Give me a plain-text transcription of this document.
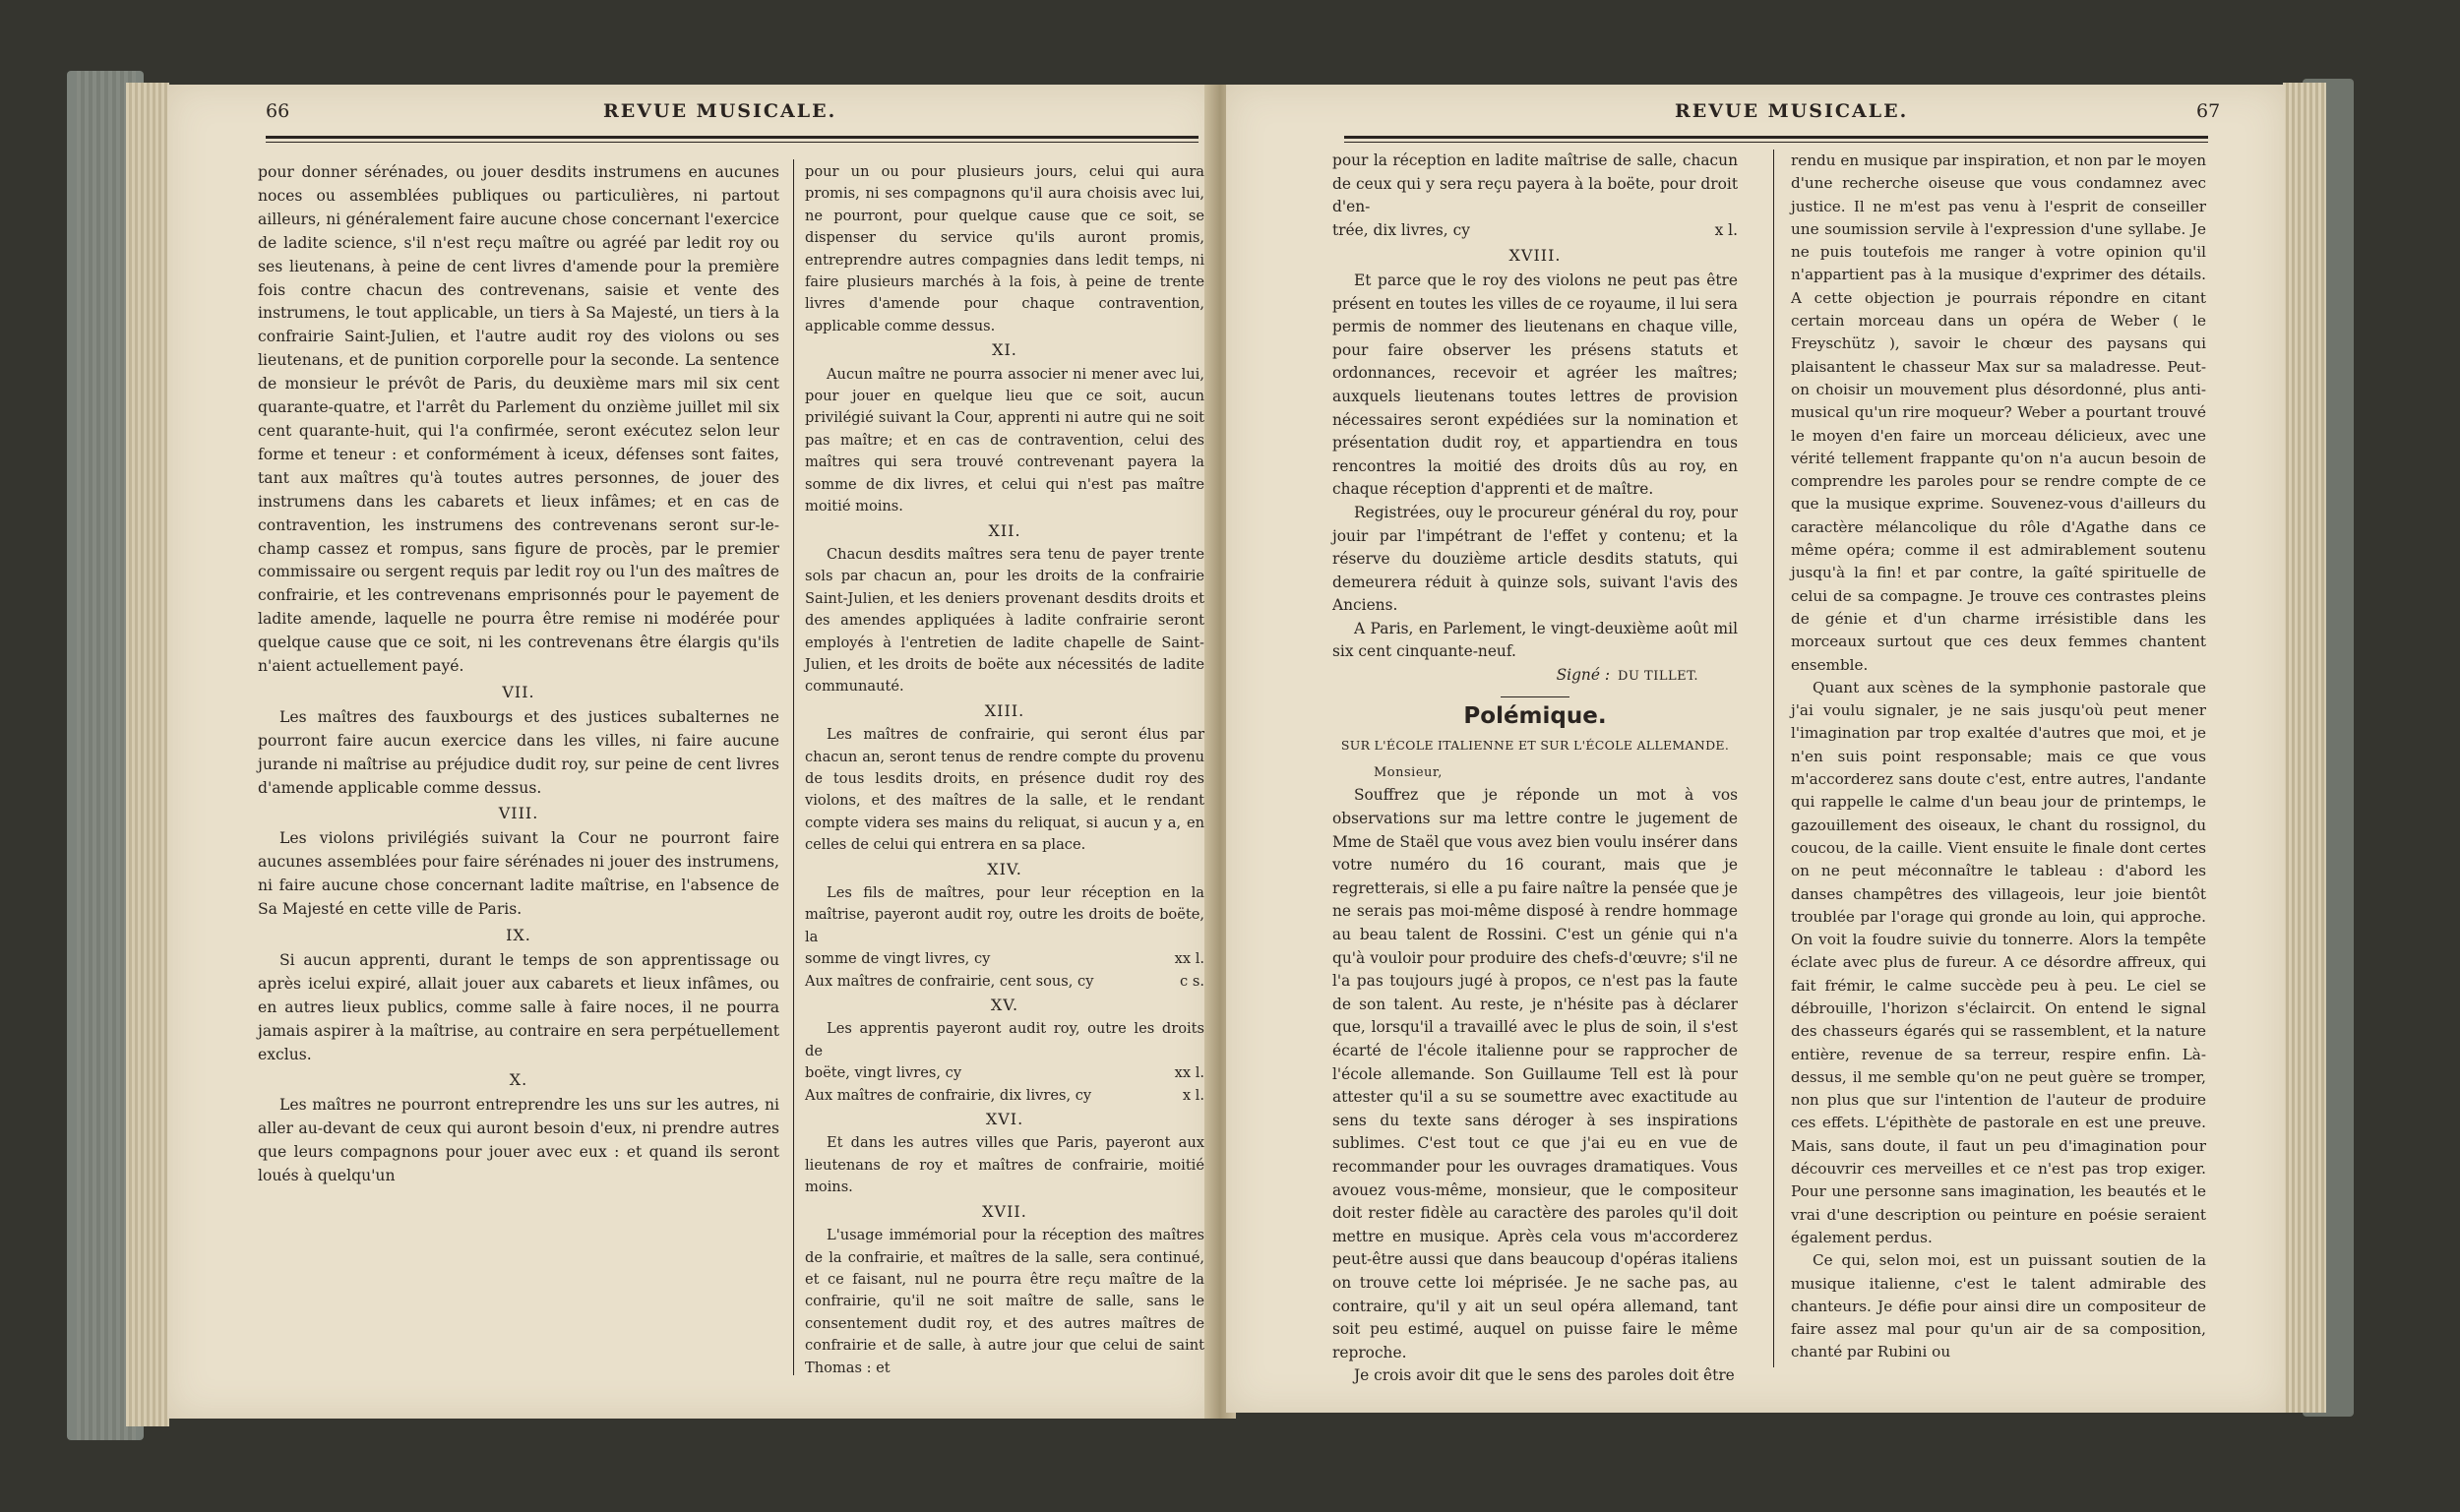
66	REVUE MUSICALE.

pour donner sérénades, ou jouer desdits instrumens en aucunes noces ou assemblées publiques ou particulières, ni partout ailleurs, ni généralement faire aucune chose concernant l'exercice de ladite science, s'il n'est reçu maître ou agréé par ledit roy ou ses lieutenans, à peine de cent livres d'amende pour la première fois contre chacun des contrevenans, saisie et vente des instrumens, le tout applicable, un tiers à Sa Majesté, un tiers à la confrairie Saint-Julien, et l'autre audit roy des violons ou ses lieutenans, et de punition corporelle pour la seconde. La sentence de monsieur le prévôt de Paris, du deuxième mars mil six cent quarante-quatre, et l'arrêt du Parlement du onzième juillet mil six cent quarante-huit, qui l'a confirmée, seront exécutez selon leur forme et teneur : et conformément à iceux, défenses sont faites, tant aux maîtres qu'à toutes autres personnes, de jouer des instrumens dans les cabarets et lieux infâmes; et en cas de contravention, les instrumens des contrevenans seront sur-le-champ cassez et rompus, sans figure de procès, par le premier commissaire ou sergent requis par ledit roy ou l'un des maîtres de confrairie, et les contrevenans emprisonnés pour le payement de ladite amende, laquelle ne pourra être remise ni modérée pour quelque cause que ce soit, ni les contrevenans être élargis qu'ils n'aient actuellement payé.

VII.

Les maîtres des fauxbourgs et des justices subalternes ne pourront faire aucun exercice dans les villes, ni faire aucune jurande ni maîtrise au préjudice dudit roy, sur peine de cent livres d'amende applicable comme dessus.

VIII.

Les violons privilégiés suivant la Cour ne pourront faire aucunes assemblées pour faire sérénades ni jouer des instrumens, ni faire aucune chose concernant ladite maîtrise, en l'absence de Sa Majesté en cette ville de Paris.

IX.

Si aucun apprenti, durant le temps de son apprentissage ou après icelui expiré, allait jouer aux cabarets et lieux infâmes, ou en autres lieux publics, comme salle à faire noces, il ne pourra jamais aspirer à la maîtrise, au contraire en sera perpétuellement exclus.

X.

Les maîtres ne pourront entreprendre les uns sur les autres, ni aller au-devant de ceux qui auront besoin d'eux, ni prendre autres que leurs compagnons pour jouer avec eux : et quand ils seront loués à quelqu'un

pour un ou pour plusieurs jours, celui qui aura promis, ni ses compagnons qu'il aura choisis avec lui, ne pourront, pour quelque cause que ce soit, se dispenser du service qu'ils auront promis, entreprendre autres compagnies dans ledit temps, ni faire plusieurs marchés à la fois, à peine de trente livres d'amende pour chaque contravention, applicable comme dessus.

XI.

Aucun maître ne pourra associer ni mener avec lui, pour jouer en quelque lieu que ce soit, aucun privilégié suivant la Cour, apprenti ni autre qui ne soit pas maître; et en cas de contravention, celui des maîtres qui sera trouvé contrevenant payera la somme de dix livres, et celui qui n'est pas maître moitié moins.

XII.

Chacun desdits maîtres sera tenu de payer trente sols par chacun an, pour les droits de la confrairie Saint-Julien, et les deniers provenant desdits droits et des amendes appliquées à ladite confrairie seront employés à l'entretien de ladite chapelle de Saint-Julien, et les droits de boëte aux nécessités de ladite communauté.

XIII.

Les maîtres de confrairie, qui seront élus par chacun an, seront tenus de rendre compte du provenu de tous lesdits droits, en présence dudit roy des violons, et des maîtres de la salle, et le rendant compte videra ses mains du reliquat, si aucun y a, en celles de celui qui entrera en sa place.

XIV.

Les fils de maîtres, pour leur réception en la maîtrise, payeront audit roy, outre les droits de boëte, la

somme de vingt livres, cy	xx l.
Aux maîtres de confrairie, cent sous, cy	c s.

XV.

Les apprentis payeront audit roy, outre les droits de

boëte, vingt livres, cy	xx l.
Aux maîtres de confrairie, dix livres, cy	x l.

XVI.

Et dans les autres villes que Paris, payeront aux lieutenans de roy et maîtres de confrairie, moitié moins.

XVII.

L'usage immémorial pour la réception des maîtres de la confrairie, et maîtres de la salle, sera continué, et ce faisant, nul ne pourra être reçu maître de la confrairie, qu'il ne soit maître de salle, sans le consentement dudit roy, et des autres maîtres de confrairie et de salle, à autre jour que celui de saint Thomas : et

REVUE MUSICALE.	67

pour la réception en ladite maîtrise de salle, chacun de ceux qui y sera reçu payera à la boëte, pour droit d'en-

trée, dix livres, cy	x l.

XVIII.

Et parce que le roy des violons ne peut pas être présent en toutes les villes de ce royaume, il lui sera permis de nommer des lieutenans en chaque ville, pour faire observer les présens statuts et ordonnances, recevoir et agréer les maîtres; auxquels lieutenans toutes lettres de provision nécessaires seront expédiées sur la nomination et présentation dudit roy, et appartiendra en tous rencontres la moitié des droits dûs au roy, en chaque réception d'apprenti et de maître.

Registrées, ouy le procureur général du roy, pour jouir par l'impétrant de l'effet y contenu; et la réserve du douzième article desdits statuts, qui demeurera réduit à quinze sols, suivant l'avis des Anciens.

A Paris, en Parlement, le vingt-deuxième août mil six cent cinquante-neuf.

Signé : DU TILLET.

Polémique.

SUR L'ÉCOLE ITALIENNE ET SUR L'ÉCOLE ALLEMANDE.

Monsieur,

Souffrez que je réponde un mot à vos observations sur ma lettre contre le jugement de Mme de Staël que vous avez bien voulu insérer dans votre numéro du 16 courant, mais que je regretterais, si elle a pu faire naître la pensée que je ne serais pas moi-même disposé à rendre hommage au beau talent de Rossini. C'est un génie qui n'a qu'à vouloir pour produire des chefs-d'œuvre; s'il ne l'a pas toujours jugé à propos, ce n'est pas la faute de son talent. Au reste, je n'hésite pas à déclarer que, lorsqu'il a travaillé avec le plus de soin, il s'est écarté de l'école italienne pour se rapprocher de l'école allemande. Son Guillaume Tell est là pour attester qu'il a su se soumettre avec exactitude au sens du texte sans déroger à ses inspirations sublimes. C'est tout ce que j'ai eu en vue de recommander pour les ouvrages dramatiques. Vous avouez vous-même, monsieur, que le compositeur doit rester fidèle au caractère des paroles qu'il doit mettre en musique. Après cela vous m'accorderez peut-être aussi que dans beaucoup d'opéras italiens on trouve cette loi méprisée. Je ne sache pas, au contraire, qu'il y ait un seul opéra allemand, tant soit peu estimé, auquel on puisse faire le même reproche.

Je crois avoir dit que le sens des paroles doit être

rendu en musique par inspiration, et non par le moyen d'une recherche oiseuse que vous condamnez avec justice. Il ne m'est pas venu à l'esprit de conseiller une soumission servile à l'expression d'une syllabe. Je ne puis toutefois me ranger à votre opinion qu'il n'appartient pas à la musique d'exprimer des détails. A cette objection je pourrais répondre en citant certain morceau dans un opéra de Weber ( le Freyschütz ), savoir le chœur des paysans qui plaisantent le chasseur Max sur sa maladresse. Peut-on choisir un mouvement plus désordonné, plus anti-musical qu'un rire moqueur? Weber a pourtant trouvé le moyen d'en faire un morceau délicieux, avec une vérité tellement frappante qu'on n'a aucun besoin de comprendre les paroles pour se rendre compte de ce que la musique exprime. Souvenez-vous d'ailleurs du caractère mélancolique du rôle d'Agathe dans ce même opéra; comme il est admirablement soutenu jusqu'à la fin! et par contre, la gaîté spirituelle de celui de sa compagne. Je trouve ces contrastes pleins de génie et d'un charme irrésistible dans les morceaux surtout que ces deux femmes chantent ensemble.

Quant aux scènes de la symphonie pastorale que j'ai voulu signaler, je ne sais jusqu'où peut mener l'imagination par trop exaltée d'autres que moi, et je n'en suis point responsable; mais ce que vous m'accorderez sans doute c'est, entre autres, l'andante qui rappelle le calme d'un beau jour de printemps, le gazouillement des oiseaux, le chant du rossignol, du coucou, de la caille. Vient ensuite le finale dont certes on ne peut méconnaître le tableau : d'abord les danses champêtres des villageois, leur joie bientôt troublée par l'orage qui gronde au loin, qui approche. On voit la foudre suivie du tonnerre. Alors la tempête éclate avec plus de fureur. A ce désordre affreux, qui fait frémir, le calme succède peu à peu. Le ciel se débrouille, l'horizon s'éclaircit. On entend le signal des chasseurs égarés qui se rassemblent, et la nature entière, revenue de sa terreur, respire enfin. Là-dessus, il me semble qu'on ne peut guère se tromper, non plus que sur l'intention de l'auteur de produire ces effets. L'épithète de pastorale en est une preuve. Mais, sans doute, il faut un peu d'imagination pour découvrir ces merveilles et ce n'est pas trop exiger. Pour une personne sans imagination, les beautés et le vrai d'une description ou peinture en poésie seraient également perdus.

Ce qui, selon moi, est un puissant soutien de la musique italienne, c'est le talent admirable des chanteurs. Je défie pour ainsi dire un compositeur de faire assez mal pour qu'un air de sa composition, chanté par Rubini ou
